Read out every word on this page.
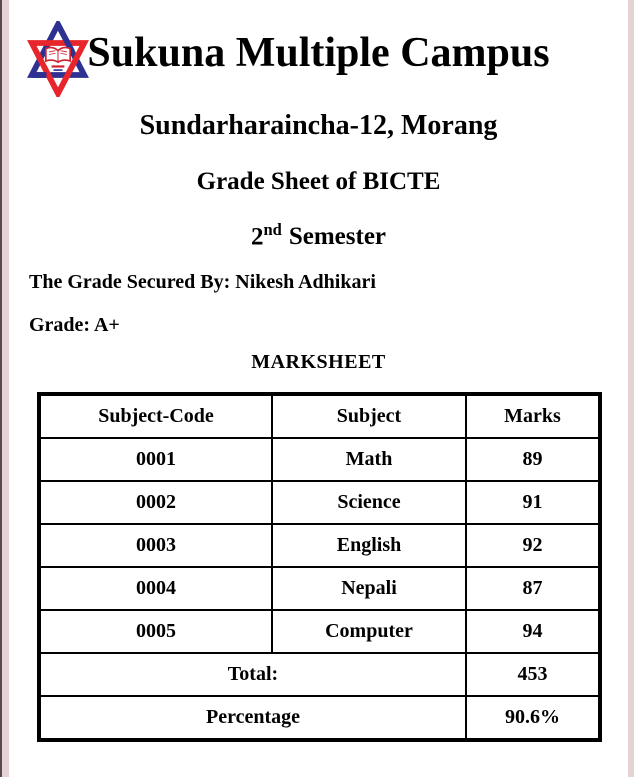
Sukuna Multiple Campus
Sundarharaincha-12, Morang
Grade Sheet of BICTE
2nd Semester

The Grade Secured By: Nikesh Adhikari

Grade: A+

MARKSHEET
Subject-Code	Subject	Marks
0001	Math	89
0002	Science	91
0003	English	92
0004	Nepali	87
0005	Computer	94
Total:		453
Percentage		90.6%
